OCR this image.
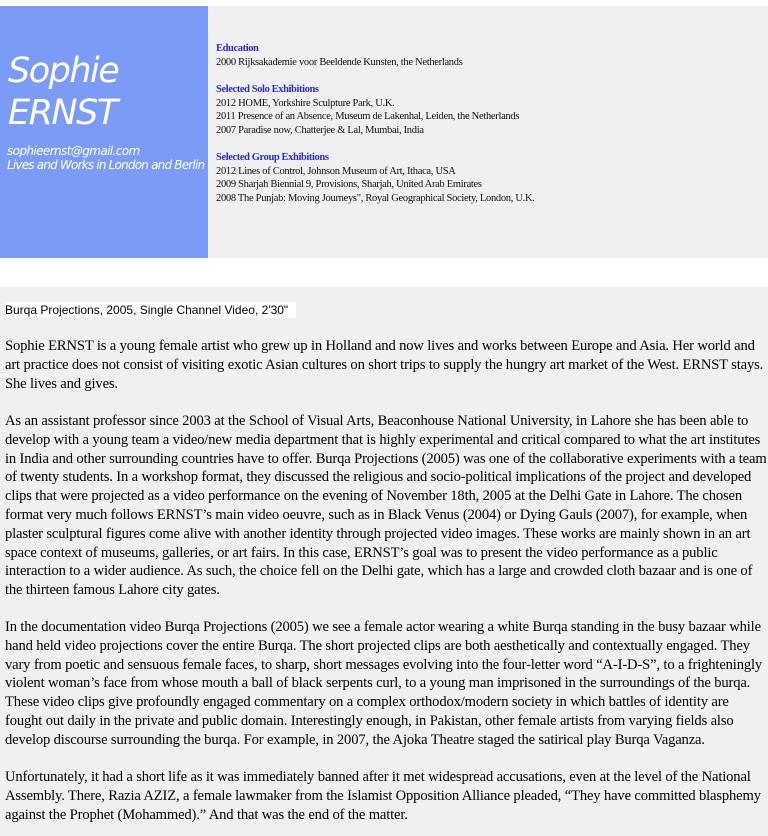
Sophie
ERNST
sophieernst@gmail.com
Lives and Works in London and Berlin
Education
2000 Rijksakademie voor Beeldende Kunsten, the Netherlands
Selected Solo Exhibitions
2012 HOME, Yorkshire Sculpture Park, U.K.
2011 Presence of an Absence, Museum de Lakenhal, Leiden, the Netherlands
2007 Paradise now, Chatterjee & Lal, Mumbai, India
Selected Group Exhibitions
2012 Lines of Control, Johnson Museum of Art, Ithaca, USA
2009 Sharjah Biennial 9, Provisions, Sharjah, United Arab Emirates
2008 The Punjab: Moving Journeys", Royal Geographical Society, London, U.K.
Burqa Projections, 2005, Single Channel Video, 2'30"

Sophie ERNST is a young female artist who grew up in Holland and now lives and works between Europe and Asia. Her world and art practice does not consist of visiting exotic Asian cultures on short trips to supply the hungry art market of the West. ERNST stays. She lives and gives.

As an assistant professor since 2003 at the School of Visual Arts, Beaconhouse National University, in Lahore she has been able to develop with a young team a video/new media department that is highly experimental and critical compared to what the art institutes in India and other surrounding countries have to offer. Burqa Projections (2005) was one of the collaborative experiments with a team of twenty students. In a workshop format, they discussed the religious and socio-political implications of the project and developed clips that were projected as a video performance on the evening of November 18th, 2005 at the Delhi Gate in Lahore. The chosen format very much follows ERNST’s main video oeuvre, such as in Black Venus (2004) or Dying Gauls (2007), for example, when plaster sculptural figures come alive with another identity through projected video images. These works are mainly shown in an art space context of museums, galleries, or art fairs. In this case, ERNST’s goal was to present the video performance as a public interaction to a wider audience. As such, the choice fell on the Delhi gate, which has a large and crowded cloth bazaar and is one of the thirteen famous Lahore city gates.

In the documentation video Burqa Projections (2005) we see a female actor wearing a white Burqa standing in the busy bazaar while hand held video projections cover the entire Burqa. The short projected clips are both aesthetically and contextually engaged. They vary from poetic and sensuous female faces, to sharp, short messages evolving into the four-letter word “A-I-D-S”, to a frighteningly violent woman’s face from whose mouth a ball of black serpents curl, to a young man imprisoned in the surroundings of the burqa. These video clips give profoundly engaged commentary on a complex orthodox/modern society in which battles of identity are fought out daily in the private and public domain. Interestingly enough, in Pakistan, other female artists from varying fields also develop discourse surrounding the burqa. For example, in 2007, the Ajoka Theatre staged the satirical play Burqa Vaganza.

Unfortunately, it had a short life as it was immediately banned after it met widespread accusations, even at the level of the National Assembly. There, Razia AZIZ, a female lawmaker from the Islamist Opposition Alliance pleaded, “They have committed blasphemy against the Prophet (Mohammed).” And that was the end of the matter.
